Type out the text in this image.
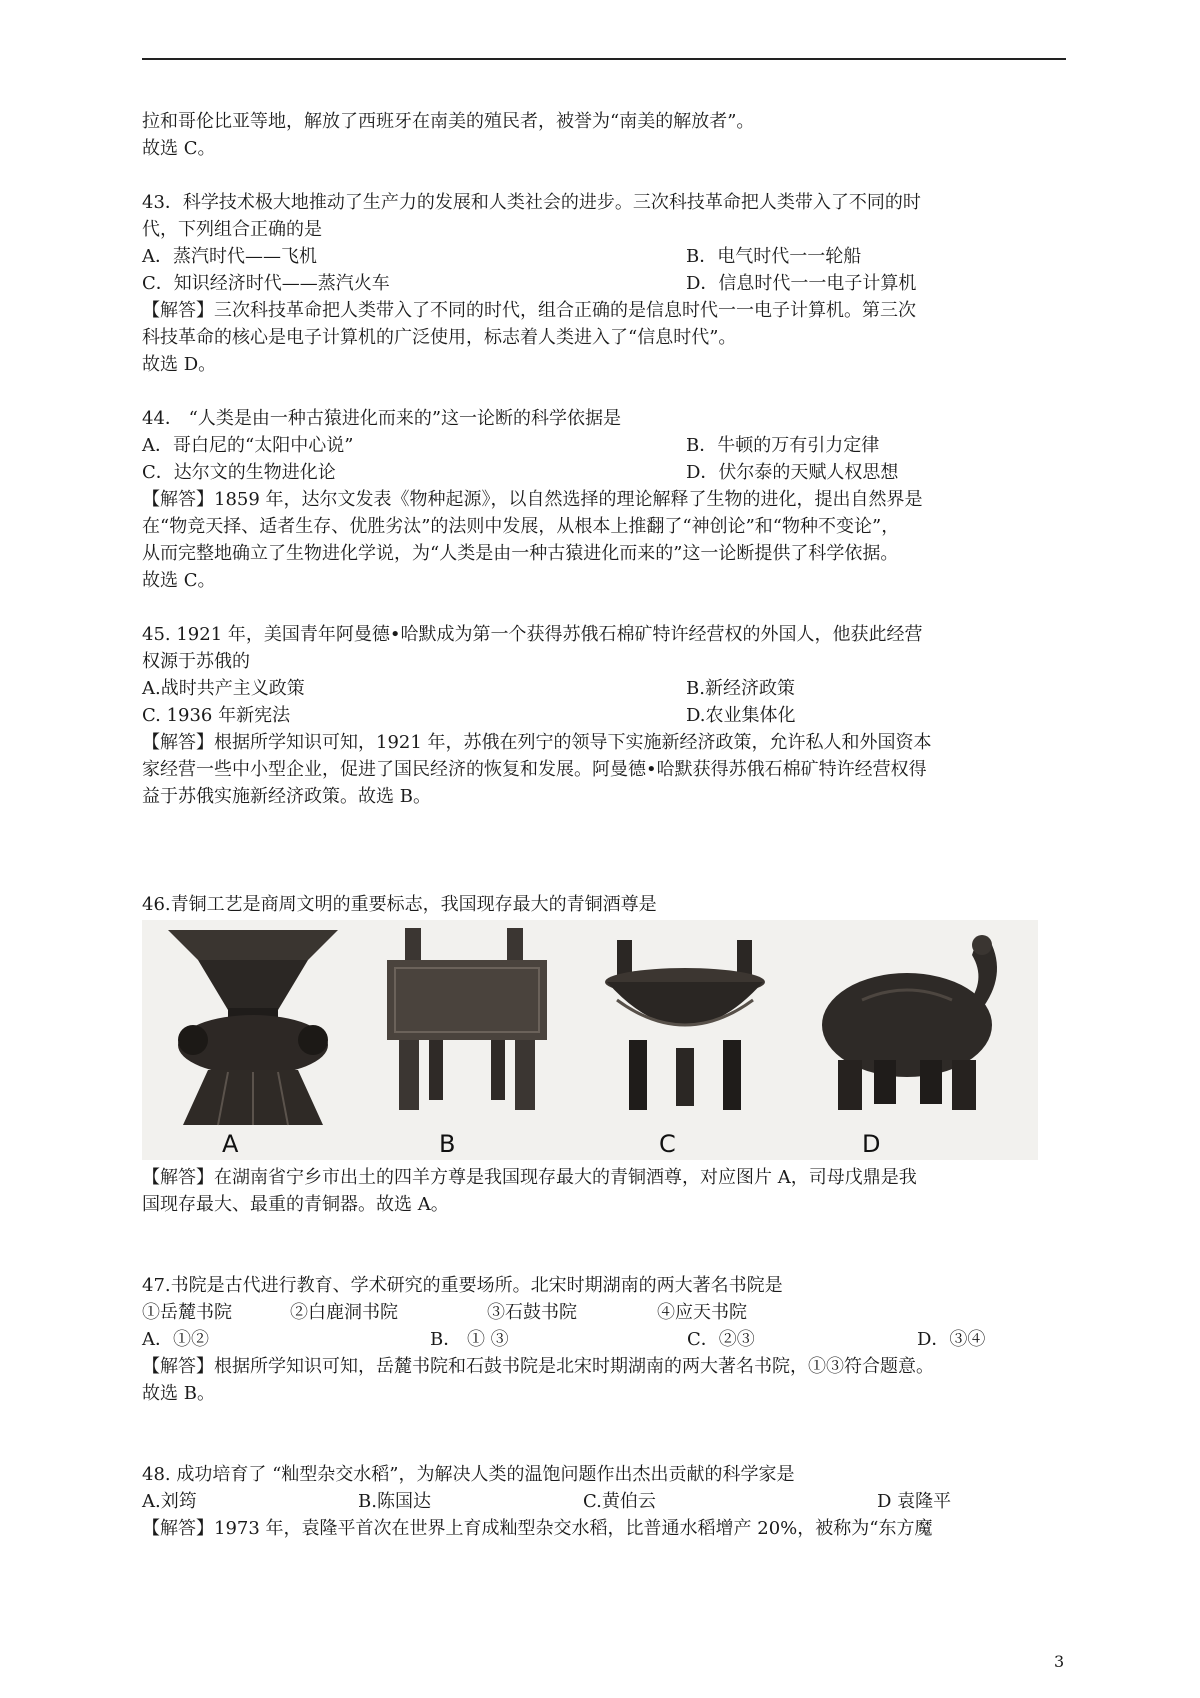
拉和哥伦比亚等地，解放了西班牙在南美的殖民者，被誉为“南美的解放者”。
故选 C。
43．科学技术极大地推动了生产力的发展和人类社会的进步。三次科技革命把人类带入了不同的时
代，下列组合正确的是
A．蒸汽时代——飞机	B．电气时代一一轮船
C．知识经济时代——蒸汽火车	D．信息时代一一电子计算机
【解答】三次科技革命把人类带入了不同的时代，组合正确的是信息时代一一电子计算机。第三次
科技革命的核心是电子计算机的广泛使用，标志着人类进入了“信息时代”。
故选 D。
44． “人类是由一种古猿进化而来的”这一论断的科学依据是
A．哥白尼的“太阳中心说”	B．牛顿的万有引力定律
C．达尔文的生物进化论	D．伏尔泰的天赋人权思想
【解答】1859 年，达尔文发表《物种起源》，以自然选择的理论解释了生物的进化，提出自然界是
在“物竞天择、适者生存、优胜劣汰”的法则中发展，从根本上推翻了“神创论”和“物种不变论”，
从而完整地确立了生物进化学说，为“人类是由一种古猿进化而来的”这一论断提供了科学依据。
故选 C。
45. 1921 年，美国青年阿曼德•哈默成为第一个获得苏俄石棉矿特许经营权的外国人，他获此经营
权源于苏俄的
A.战时共产主义政策	B.新经济政策
C. 1936 年新宪法	D.农业集体化
【解答】根据所学知识可知，1921 年，苏俄在列宁的领导下实施新经济政策，允许私人和外国资本
家经营一些中小型企业，促进了国民经济的恢复和发展。阿曼德•哈默获得苏俄石棉矿特许经营权得
益于苏俄实施新经济政策。故选 B。
46.青铜工艺是商周文明的重要标志，我国现存最大的青铜酒尊是
A	B	C	D
【解答】在湖南省宁乡市出土的四羊方尊是我国现存最大的青铜酒尊，对应图片 A，司母戊鼎是我
国现存最大、最重的青铜器。故选 A。
47.书院是古代进行教育、学术研究的重要场所。北宋时期湖南的两大著名书院是
①岳麓书院	②白鹿洞书院	③石鼓书院	④应天书院
A．①②	B． ① ③	C．②③	D．③④
【解答】根据所学知识可知，岳麓书院和石鼓书院是北宋时期湖南的两大著名书院，①③符合题意。
故选 B。
48. 成功培育了 “籼型杂交水稻”，为解决人类的温饱问题作出杰出贡献的科学家是
A.刘筠	B.陈国达	C.黄伯云	D 袁隆平
【解答】1973 年，袁隆平首次在世界上育成籼型杂交水稻，比普通水稻增产 20%，被称为“东方魔
3
